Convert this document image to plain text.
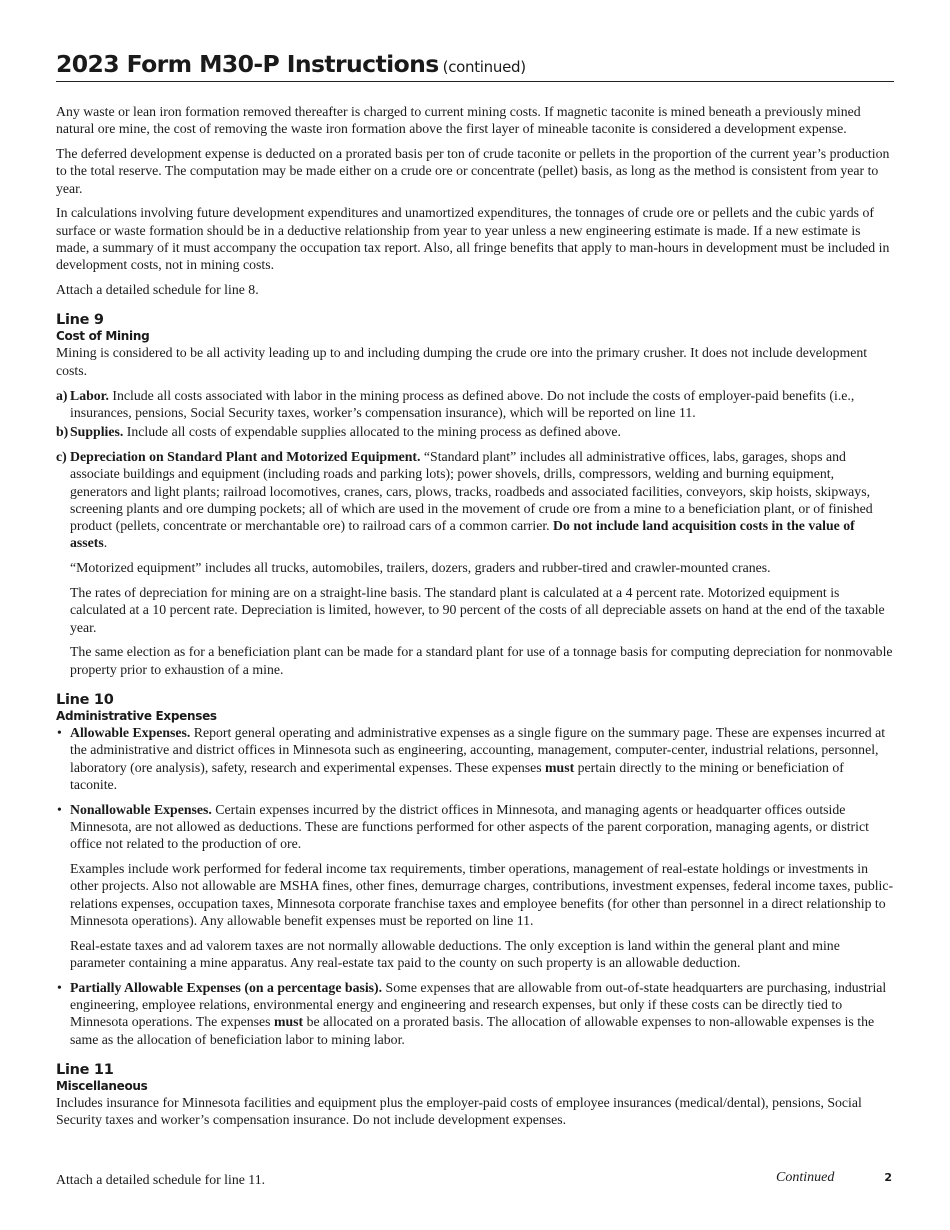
2023 Form M30-P Instructions (continued)

Any waste or lean iron formation removed thereafter is charged to current mining costs. If magnetic taconite is mined beneath a previously mined natural ore mine, the cost of removing the waste iron formation above the first layer of mineable taconite is considered a development expense.

The deferred development expense is deducted on a prorated basis per ton of crude taconite or pellets in the proportion of the current year’s production to the total reserve. The computation may be made either on a crude ore or concentrate (pellet) basis, as long as the method is consistent from year to year.

In calculations involving future development expenditures and unamortized expenditures, the tonnages of crude ore or pellets and the cubic yards of surface or waste formation should be in a deductive relationship from year to year unless a new engineering estimate is made. If a new estimate is made, a summary of it must accompany the occupation tax report. Also, all fringe benefits that apply to man-hours in development must be included in development costs, not in mining costs.

Attach a detailed schedule for line 8.

Line 9
Cost of Mining

Mining is considered to be all activity leading up to and including dumping the crude ore into the primary crusher. It does not include development costs.

a) Labor. Include all costs associated with labor in the mining process as defined above. Do not include the costs of employer-paid benefits (i.e., insurances, pensions, Social Security taxes, worker’s compensation insurance), which will be reported on line 11.

b) Supplies. Include all costs of expendable supplies allocated to the mining process as defined above.

c) Depreciation on Standard Plant and Motorized Equipment. “Standard plant” includes all administrative offices, labs, garages, shops and associate buildings and equipment (including roads and parking lots); power shovels, drills, compressors, welding and burning equipment, generators and light plants; railroad locomotives, cranes, cars, plows, tracks, roadbeds and associated facilities, conveyors, skip hoists, skipways, screening plants and ore dumping pockets; all of which are used in the movement of crude ore from a mine to a beneficiation plant, or of finished product (pellets, concentrate or merchantable ore) to railroad cars of a common carrier. Do not include land acquisition costs in the value of assets.

“Motorized equipment” includes all trucks, automobiles, trailers, dozers, graders and rubber-tired and crawler-mounted cranes.

The rates of depreciation for mining are on a straight-line basis. The standard plant is calculated at a 4 percent rate. Motorized equipment is calculated at a 10 percent rate. Depreciation is limited, however, to 90 percent of the costs of all depreciable assets on hand at the end of the taxable year.

The same election as for a beneficiation plant can be made for a standard plant for use of a tonnage basis for computing depreciation for nonmovable property prior to exhaustion of a mine.

Line 10
Administrative Expenses
• Allowable Expenses. Report general operating and administrative expenses as a single figure on the summary page. These are expenses incurred at the administrative and district offices in Minnesota such as engineering, accounting, management, computer-center, industrial relations, personnel, laboratory (ore analysis), safety, research and experimental expenses. These expenses must pertain directly to the mining or beneficiation of taconite.

• Nonallowable Expenses. Certain expenses incurred by the district offices in Minnesota, and managing agents or headquarter offices outside Minnesota, are not allowed as deductions. These are functions performed for other aspects of the parent corporation, managing agents, or district office not related to the production of ore.

Examples include work performed for federal income tax requirements, timber operations, management of real-estate holdings or investments in other projects. Also not allowable are MSHA fines, other fines, demurrage charges, contributions, investment expenses, federal income taxes, public-relations expenses, occupation taxes, Minnesota corporate franchise taxes and employee benefits (for other than personnel in a direct relationship to Minnesota operations). Any allowable benefit expenses must be reported on line 11.

Real-estate taxes and ad valorem taxes are not normally allowable deductions. The only exception is land within the general plant and mine parameter containing a mine apparatus. Any real-estate tax paid to the county on such property is an allowable deduction.

• Partially Allowable Expenses (on a percentage basis). Some expenses that are allowable from out-of-state headquarters are purchasing, industrial engineering, employee relations, environmental energy and engineering and research expenses, but only if these costs can be directly tied to Minnesota operations. The expenses must be allocated on a prorated basis. The allocation of allowable expenses to non-allowable expenses is the same as the allocation of beneficiation labor to mining labor.

Line 11
Miscellaneous

Includes insurance for Minnesota facilities and equipment plus the employer-paid costs of employee insurances (medical/dental), pensions, Social Security taxes and worker’s compensation insurance. Do not include development expenses.

Attach a detailed schedule for line 11.	Continued	2
